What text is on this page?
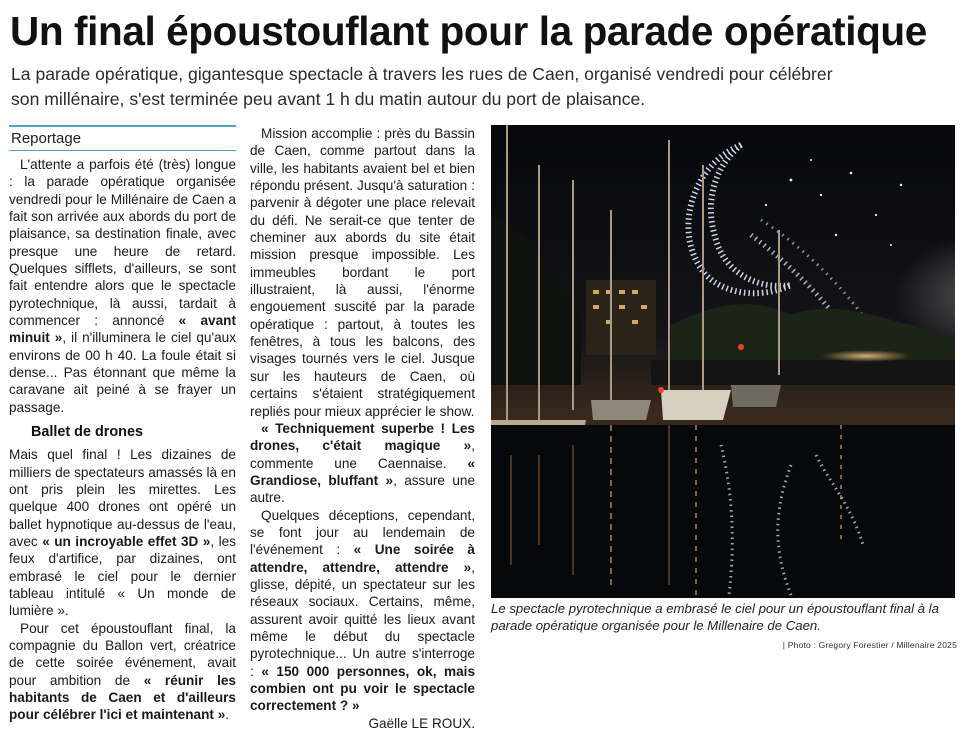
Un final époustouflant pour la parade opératique
La parade opératique, gigantesque spectacle à travers les rues de Caen, organisé vendredi pour célébrer son millénaire, s'est terminée peu avant 1 h du matin autour du port de plaisance.
Reportage

L'attente a parfois été (très) longue : la parade opératique organisée vendredi pour le Millénaire de Caen a fait son arrivée aux abords du port de plaisance, sa destination finale, avec presque une heure de retard. Quelques sifflets, d'ailleurs, se sont fait entendre alors que le spectacle pyrotechnique, là aussi, tardait à commencer : annoncé « avant minuit », il n'illuminera le ciel qu'aux environs de 00 h 40. La foule était si dense... Pas étonnant que même la caravane ait peiné à se frayer un passage.

Ballet de drones

Mais quel final ! Les dizaines de milliers de spectateurs amassés là en ont pris plein les mirettes. Les quelque 400 drones ont opéré un ballet hypnotique au-dessus de l'eau, avec « un incroyable effet 3D », les feux d'artifice, par dizaines, ont embrasé le ciel pour le dernier tableau intitulé « Un monde de lumière ».

Pour cet époustouflant final, la compagnie du Ballon vert, créatrice de cette soirée événement, avait pour ambition de « réunir les habitants de Caen et d'ailleurs pour célébrer l'ici et maintenant ».

Mission accomplie : près du Bassin de Caen, comme partout dans la ville, les habitants avaient bel et bien répondu présent. Jusqu'à saturation : parvenir à dégoter une place relevait du défi. Ne serait-ce que tenter de cheminer aux abords du site était mission presque impossible. Les immeubles bordant le port illustraient, là aussi, l'énorme engouement suscité par la parade opératique : partout, à toutes les fenêtres, à tous les balcons, des visages tournés vers le ciel. Jusque sur les hauteurs de Caen, où certains s'étaient stratégiquement repliés pour mieux apprécier le show.

« Techniquement superbe ! Les drones, c'était magique », commente une Caennaise. « Grandiose, bluffant », assure une autre.

Quelques déceptions, cependant, se font jour au lendemain de l'événement : « Une soirée à attendre, attendre, attendre », glisse, dépité, un spectateur sur les réseaux sociaux. Certains, même, assurent avoir quitté les lieux avant même le début du spectacle pyrotechnique... Un autre s'interroge : « 150 000 personnes, ok, mais combien ont pu voir le spectacle correctement ? »

Gaëlle LE ROUX.
Le spectacle pyrotechnique a embrasé le ciel pour un époustouflant final à la parade opératique organisée pour le Millenaire de Caen.
| Photo : Gregory Forestier / Millenaire 2025
